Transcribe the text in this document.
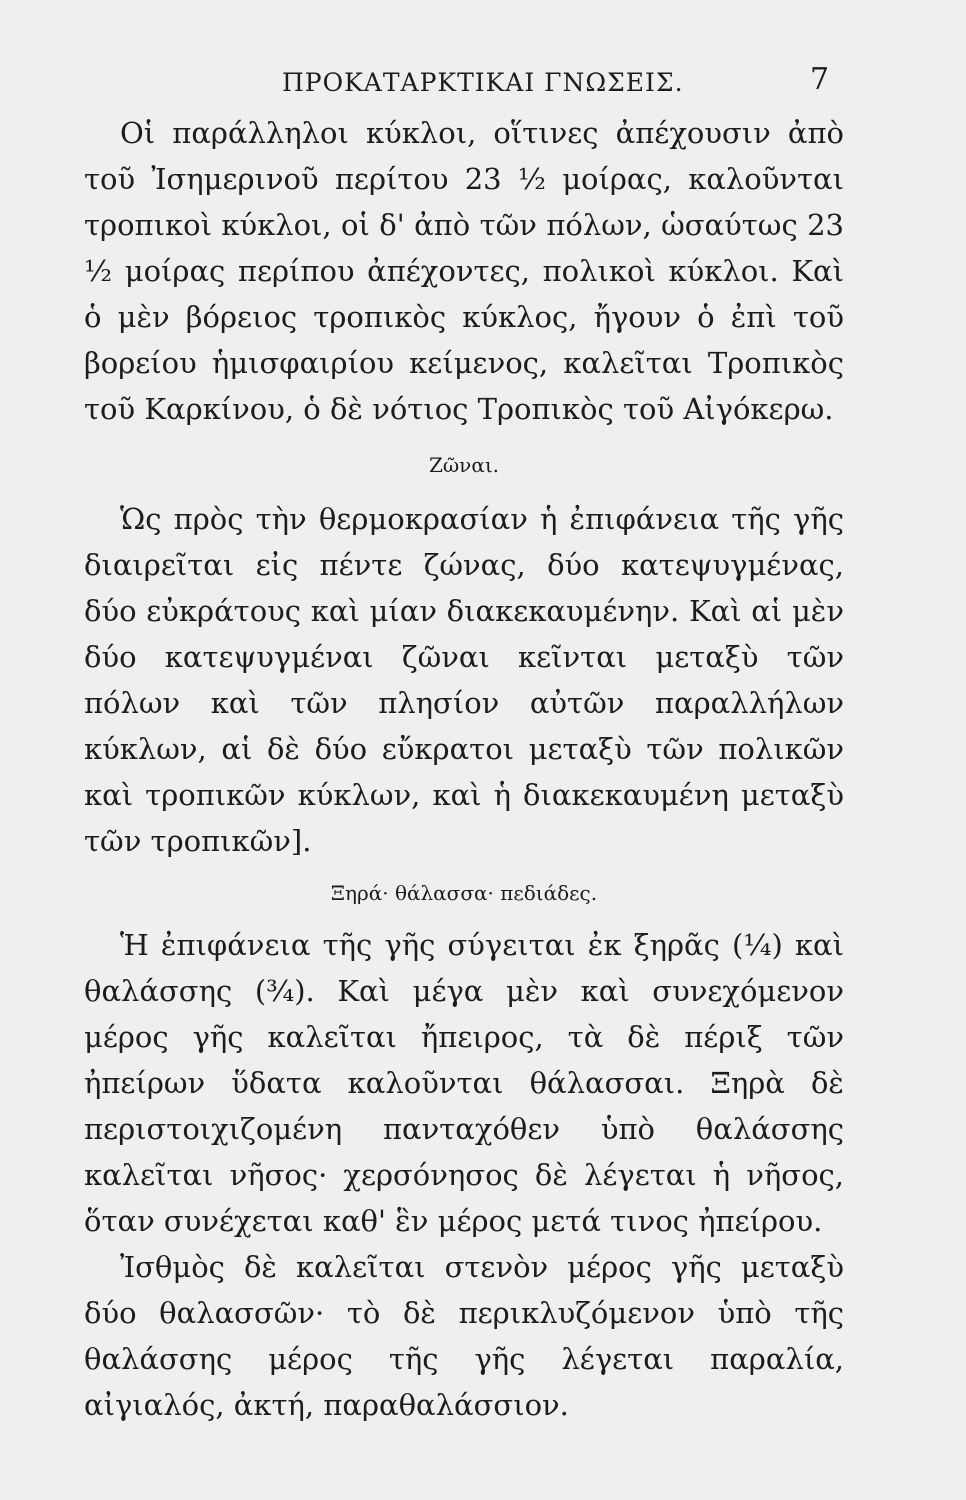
ΠΡΟΚΑΤΑΡΚΤΙΚΑΙ ΓΝΩΣΕΙΣ.	7

Οἱ παράλληλοι κύκλοι, οἵτινες ἀπέχουσιν ἀπὸ τοῦ Ἰσημερινοῦ περίτου 23 ½ μοίρας, καλοῦνται τροπικοὶ κύκλοι, οἱ δ' ἀπὸ τῶν πόλων, ὡσαύτως 23 ½ μοίρας περίπου ἀπέχοντες, πολικοὶ κύκλοι. Καὶ ὁ μὲν βόρειος τροπικὸς κύκλος, ἤγουν ὁ ἐπὶ τοῦ βορείου ἡμισφαιρίου κείμενος, καλεῖται Τροπικὸς τοῦ Καρκίνου, ὁ δὲ νότιος Τροπικὸς τοῦ Αἰγόκερω.

Ζῶναι.

Ὡς πρὸς τὴν θερμοκρασίαν ἡ ἐπιφάνεια τῆς γῆς διαιρεῖται εἰς πέντε ζώνας, δύο κατεψυγμένας, δύο εὐκράτους καὶ μίαν διακεκαυμένην. Καὶ αἱ μὲν δύο κατεψυγμέναι ζῶναι κεῖνται μεταξὺ τῶν πόλων καὶ τῶν πλησίον αὐτῶν παραλλήλων κύκλων, αἱ δὲ δύο εὔκρατοι μεταξὺ τῶν πολικῶν καὶ τροπικῶν κύκλων, καὶ ἡ διακεκαυμένη μεταξὺ τῶν τροπικῶν].

Ξηρά· θάλασσα· πεδιάδες.

Ἡ ἐπιφάνεια τῆς γῆς σύγειται ἐκ ξηρᾶς (¼) καὶ θαλάσσης (¾). Καὶ μέγα μὲν καὶ συνεχόμενον μέρος γῆς καλεῖται ἤπειρος, τὰ δὲ πέριξ τῶν ἠπείρων ὕδατα καλοῦνται θάλασσαι. Ξηρὰ δὲ περιστοιχιζομένη πανταχόθεν ὑπὸ θαλάσσης καλεῖται νῆσος· χερσόνησος δὲ λέγεται ἡ νῆσος, ὅταν συνέχεται καθ' ἓν μέρος μετά τινος ἠπείρου.

Ἰσθμὸς δὲ καλεῖται στενὸν μέρος γῆς μεταξὺ δύο θαλασσῶν· τὸ δὲ περικλυζόμενον ὑπὸ τῆς θαλάσσης μέρος τῆς γῆς λέγεται παραλία, αἰγιαλός, ἀκτή, παραθαλάσσιον.
